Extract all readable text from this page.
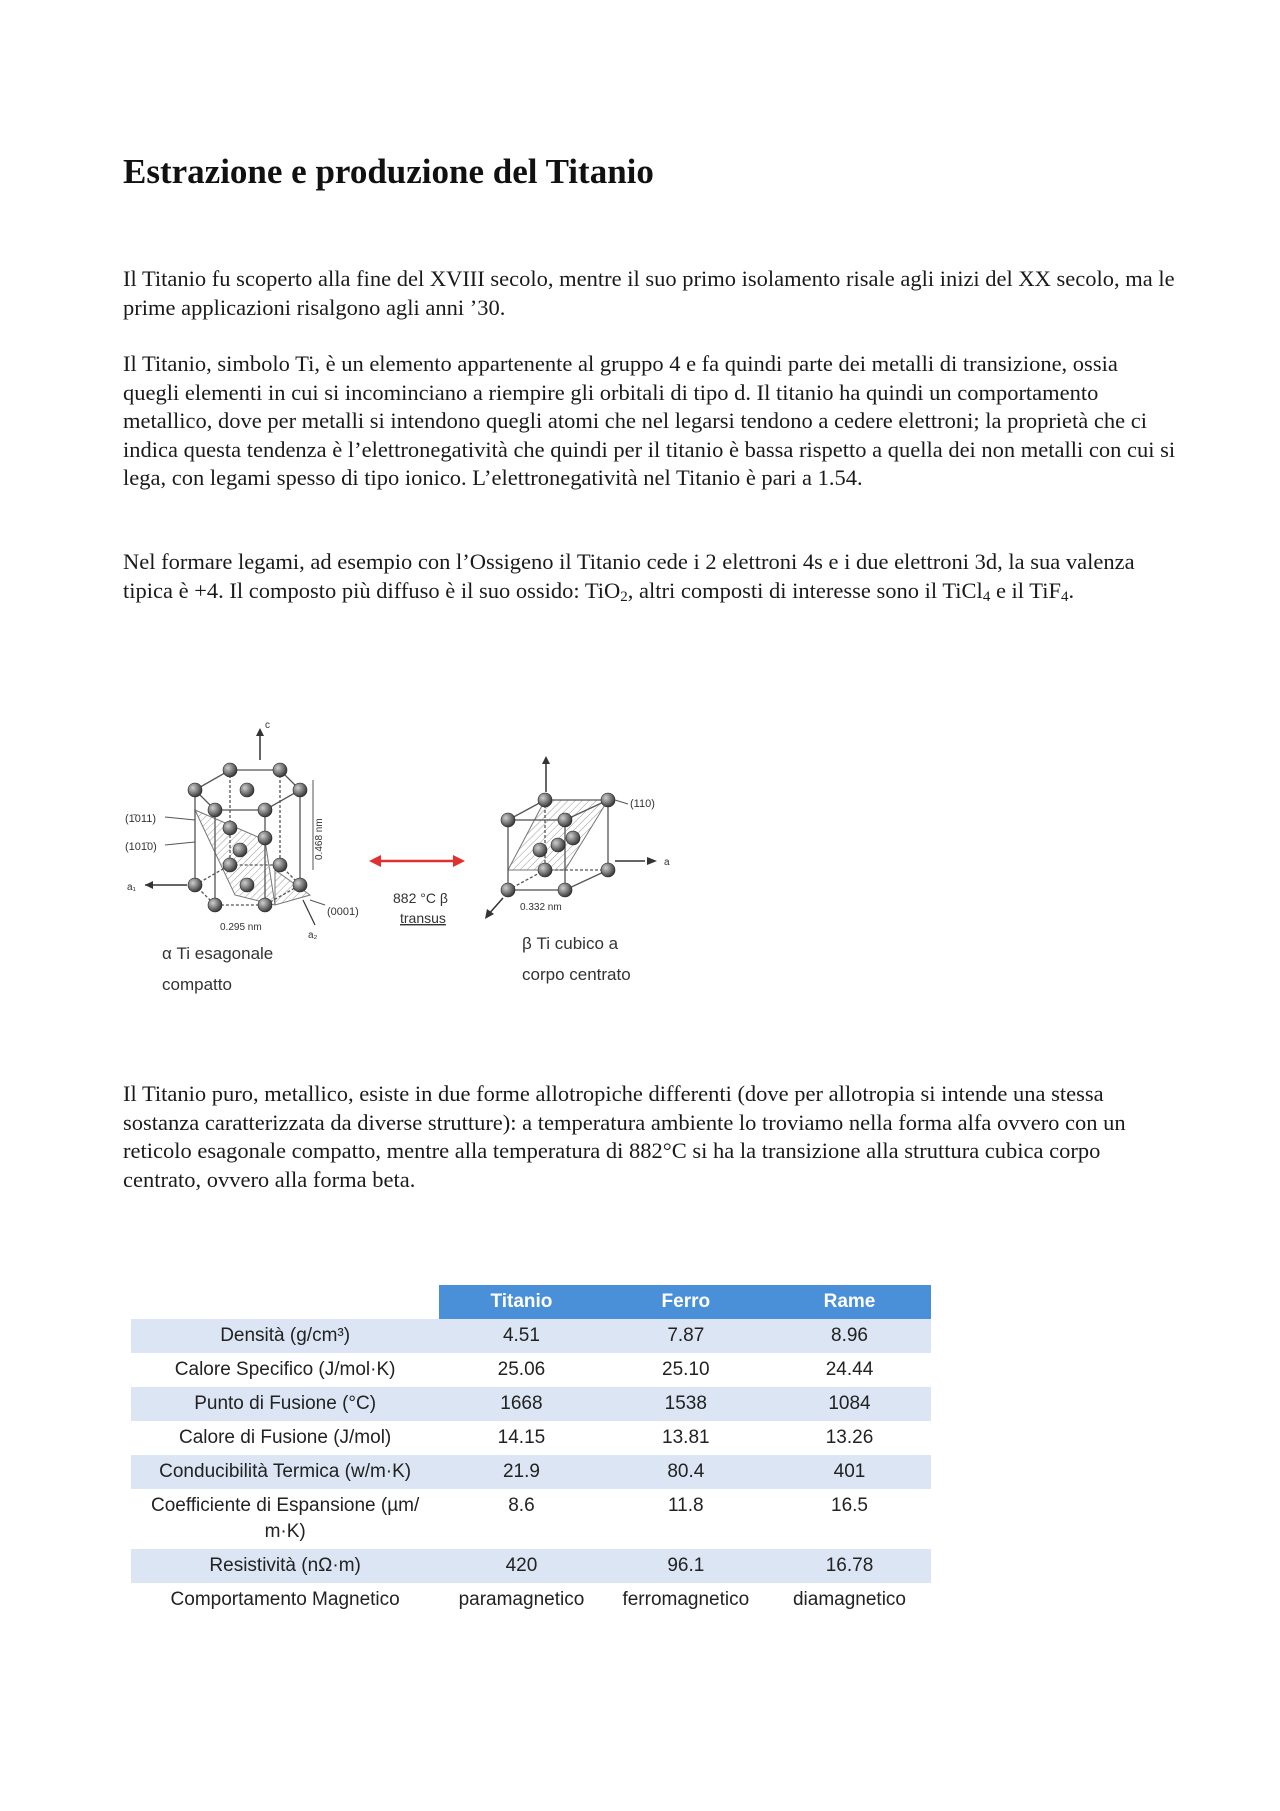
Estrazione e produzione del Titanio

Il Titanio fu scoperto alla fine del XVIII secolo, mentre il suo primo isolamento risale agli inizi del XX secolo, ma le prime applicazioni risalgono agli anni ’30.

Il Titanio, simbolo Ti, è un elemento appartenente al gruppo 4 e fa quindi parte dei metalli di transizione, ossia quegli elementi in cui si incominciano a riempire gli orbitali di tipo d. Il titanio ha quindi un comportamento metallico, dove per metalli si intendono quegli atomi che nel legarsi tendono a cedere elettroni; la proprietà che ci indica questa tendenza è l’elettronegatività che quindi per il titanio è bassa rispetto a quella dei non metalli con cui si lega, con legami spesso di tipo ionico. L’elettronegatività nel Titanio è pari a 1.54.

Nel formare legami, ad esempio con l’Ossigeno il Titanio cede i 2 elettroni 4s e i due elettroni 3d, la sua valenza tipica è +4. Il composto più diffuso è il suo ossido: TiO$_2$, altri composti di interesse sono il TiCl$_4$ e il TiF$_4$.

(1̄011)
(101̄0)
(0001)
0.468 nm
0.295 nm
a₁
a₂
c
882 °C β
transus
(110)
0.332 nm
a

α Ti esagonale
compatto

β Ti cubico a
corpo centrato

Il Titanio puro, metallico, esiste in due forme allotropiche differenti (dove per allotropia si intende una stessa sostanza caratterizzata da diverse strutture): a temperatura ambiente lo troviamo nella forma alfa ovvero con un reticolo esagonale compatto, mentre alla temperatura di 882°C si ha la transizione alla struttura cubica corpo centrato, ovvero alla forma beta.

	Titanio	Ferro	Rame
Densità (g/cm³)	4.51	7.87	8.96
Calore Specifico (J/mol·K)	25.06	25.10	24.44
Punto di Fusione (°C)	1668	1538	1084
Calore di Fusione (J/mol)	14.15	13.81	13.26
Conducibilità Termica (w/m·K)	21.9	80.4	401
Coefficiente di Espansione (µm/ m·K)	8.6	11.8	16.5
Resistività (nΩ·m)	420	96.1	16.78
Comportamento Magnetico	paramagnetico	ferromagnetico	diamagnetico
